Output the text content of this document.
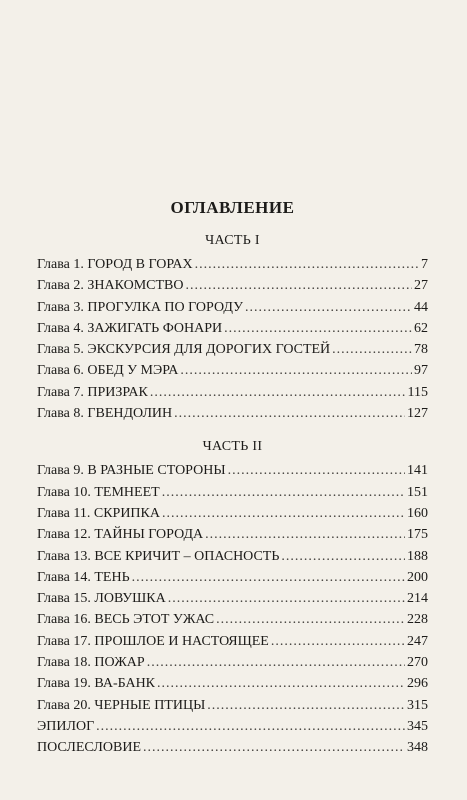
ОГЛАВЛЕНИЕ
ЧАСТЬ I
Глава 1. ГОРОД В ГОРАХ .....	7
Глава 2. ЗНАКОМСТВО .....	27
Глава 3. ПРОГУЛКА ПО ГОРОДУ .....	44
Глава 4. ЗАЖИГАТЬ ФОНАРИ .....	62
Глава 5. ЭКСКУРСИЯ ДЛЯ ДОРОГИХ ГОСТЕЙ .....	78
Глава 6. ОБЕД У МЭРА .....	97
Глава 7. ПРИЗРАК .....	115
Глава 8. ГВЕНДОЛИН .....	127
ЧАСТЬ II
Глава 9. В РАЗНЫЕ СТОРОНЫ .....	141
Глава 10. ТЕМНЕЕТ .....	151
Глава 11. СКРИПКА .....	160
Глава 12. ТАЙНЫ ГОРОДА .....	175
Глава 13. ВСЕ КРИЧИТ – ОПАСНОСТЬ .....	188
Глава 14. ТЕНЬ .....	200
Глава 15. ЛОВУШКА .....	214
Глава 16. ВЕСЬ ЭТОТ УЖАС .....	228
Глава 17. ПРОШЛОЕ И НАСТОЯЩЕЕ .....	247
Глава 18. ПОЖАР .....	270
Глава 19. ВА-БАНК .....	296
Глава 20. ЧЕРНЫЕ ПТИЦЫ .....	315
ЭПИЛОГ .....	345
ПОСЛЕСЛОВИЕ .....	348
